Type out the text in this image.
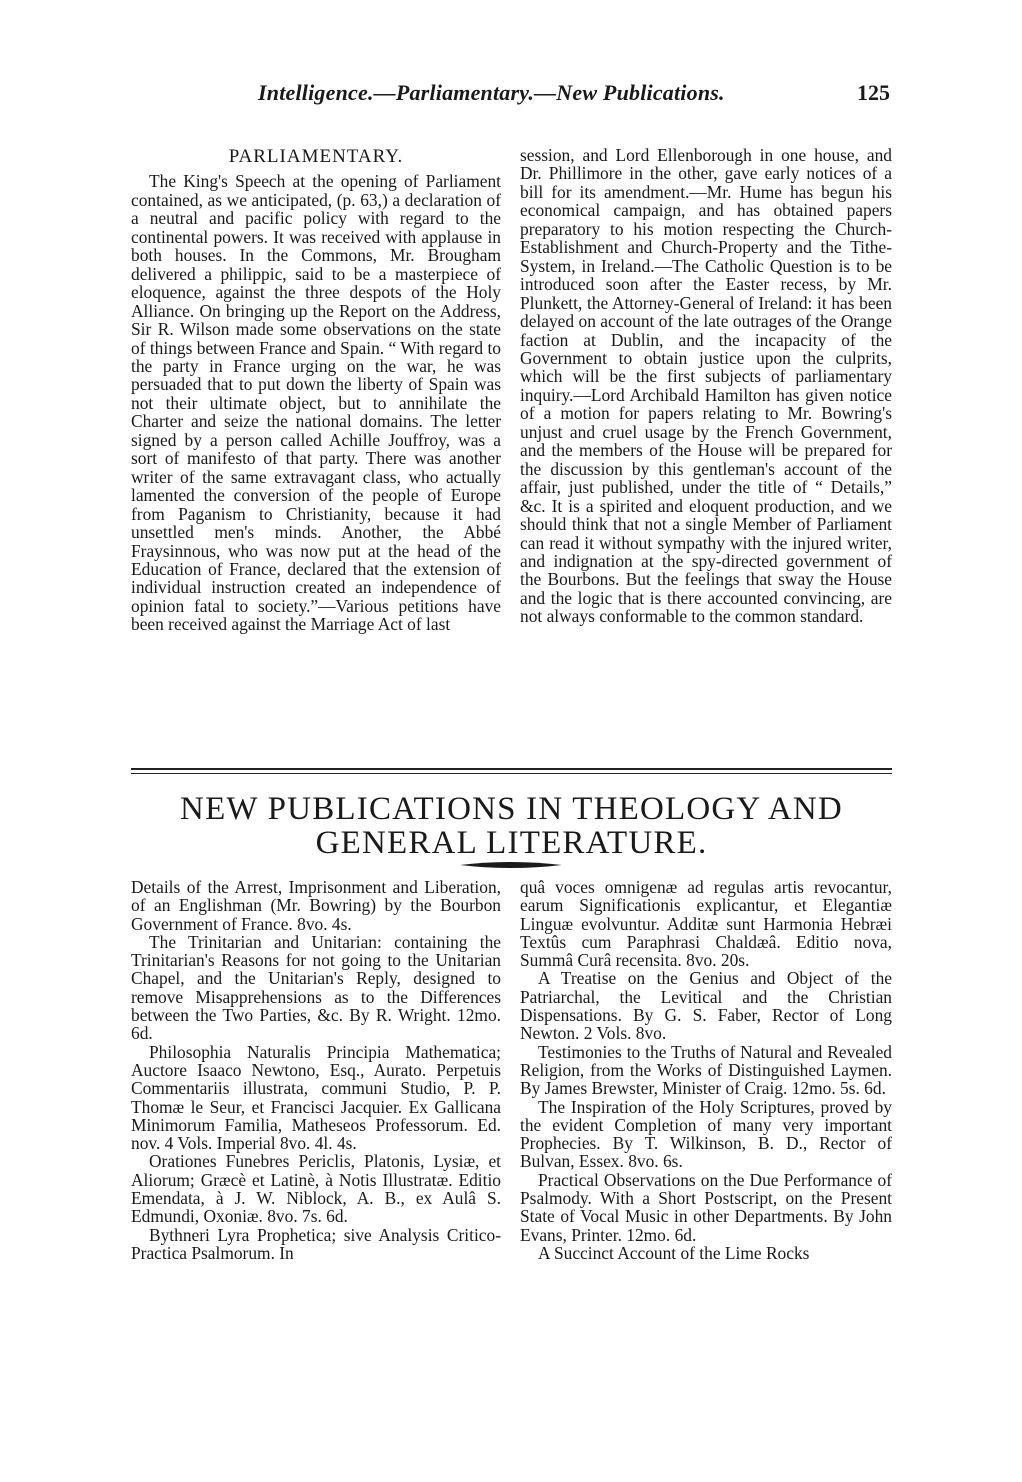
Intelligence.—Parliamentary.—New Publications.	125
PARLIAMENTARY.

The King's Speech at the opening of Parliament contained, as we anticipated, (p. 63,) a declaration of a neutral and pacific policy with regard to the continental powers. It was received with applause in both houses. In the Commons, Mr. Brougham delivered a philippic, said to be a masterpiece of eloquence, against the three despots of the Holy Alliance. On bringing up the Report on the Address, Sir R. Wilson made some observations on the state of things between France and Spain. “ With regard to the party in France urging on the war, he was persuaded that to put down the liberty of Spain was not their ultimate object, but to annihilate the Charter and seize the national domains. The letter signed by a person called Achille Jouffroy, was a sort of manifesto of that party. There was another writer of the same extravagant class, who actually lamented the conversion of the people of Europe from Paganism to Christianity, because it had unsettled men's minds. Another, the Abbé Fraysinnous, who was now put at the head of the Education of France, declared that the extension of individual instruction created an independence of opinion fatal to society.”—Various petitions have been received against the Marriage Act of last

session, and Lord Ellenborough in one house, and Dr. Phillimore in the other, gave early notices of a bill for its amendment.—Mr. Hume has begun his economical campaign, and has obtained papers preparatory to his motion respecting the Church-Establishment and Church-Property and the Tithe-System, in Ireland.—The Catholic Question is to be introduced soon after the Easter recess, by Mr. Plunkett, the Attorney-General of Ireland: it has been delayed on account of the late outrages of the Orange faction at Dublin, and the incapacity of the Government to obtain justice upon the culprits, which will be the first subjects of parliamentary inquiry.—Lord Archibald Hamilton has given notice of a motion for papers relating to Mr. Bowring's unjust and cruel usage by the French Government, and the members of the House will be prepared for the discussion by this gentleman's account of the affair, just published, under the title of “ Details,” &c. It is a spirited and eloquent production, and we should think that not a single Member of Parliament can read it without sympathy with the injured writer, and indignation at the spy-directed government of the Bourbons. But the feelings that sway the House and the logic that is there accounted convincing, are not always conformable to the common standard.

NEW PUBLICATIONS IN THEOLOGY AND
GENERAL LITERATURE.

Details of the Arrest, Imprisonment and Liberation, of an Englishman (Mr. Bowring) by the Bourbon Government of France. 8vo. 4s.

The Trinitarian and Unitarian: containing the Trinitarian's Reasons for not going to the Unitarian Chapel, and the Unitarian's Reply, designed to remove Misapprehensions as to the Differences between the Two Parties, &c. By R. Wright. 12mo. 6d.

Philosophia Naturalis Principia Mathematica; Auctore Isaaco Newtono, Esq., Aurato. Perpetuis Commentariis illustrata, communi Studio, P. P. Thomæ le Seur, et Francisci Jacquier. Ex Gallicana Minimorum Familia, Matheseos Professorum. Ed. nov. 4 Vols. Imperial 8vo. 4l. 4s.

Orationes Funebres Periclis, Platonis, Lysiæ, et Aliorum; Græcè et Latinè, à Notis Illustratæ. Editio Emendata, à J. W. Niblock, A. B., ex Aulâ S. Edmundi, Oxoniæ. 8vo. 7s. 6d.

Bythneri Lyra Prophetica; sive Analysis Critico-Practica Psalmorum. In

quâ voces omnigenæ ad regulas artis revocantur, earum Significationis explicantur, et Elegantiæ Linguæ evolvuntur. Additæ sunt Harmonia Hebræi Textûs cum Paraphrasi Chaldæâ. Editio nova, Summâ Curâ recensita. 8vo. 20s.

A Treatise on the Genius and Object of the Patriarchal, the Levitical and the Christian Dispensations. By G. S. Faber, Rector of Long Newton. 2 Vols. 8vo.

Testimonies to the Truths of Natural and Revealed Religion, from the Works of Distinguished Laymen. By James Brewster, Minister of Craig. 12mo. 5s. 6d.

The Inspiration of the Holy Scriptures, proved by the evident Completion of many very important Prophecies. By T. Wilkinson, B. D., Rector of Bulvan, Essex. 8vo. 6s.

Practical Observations on the Due Performance of Psalmody. With a Short Postscript, on the Present State of Vocal Music in other Departments. By John Evans, Printer. 12mo. 6d.

A Succinct Account of the Lime Rocks
